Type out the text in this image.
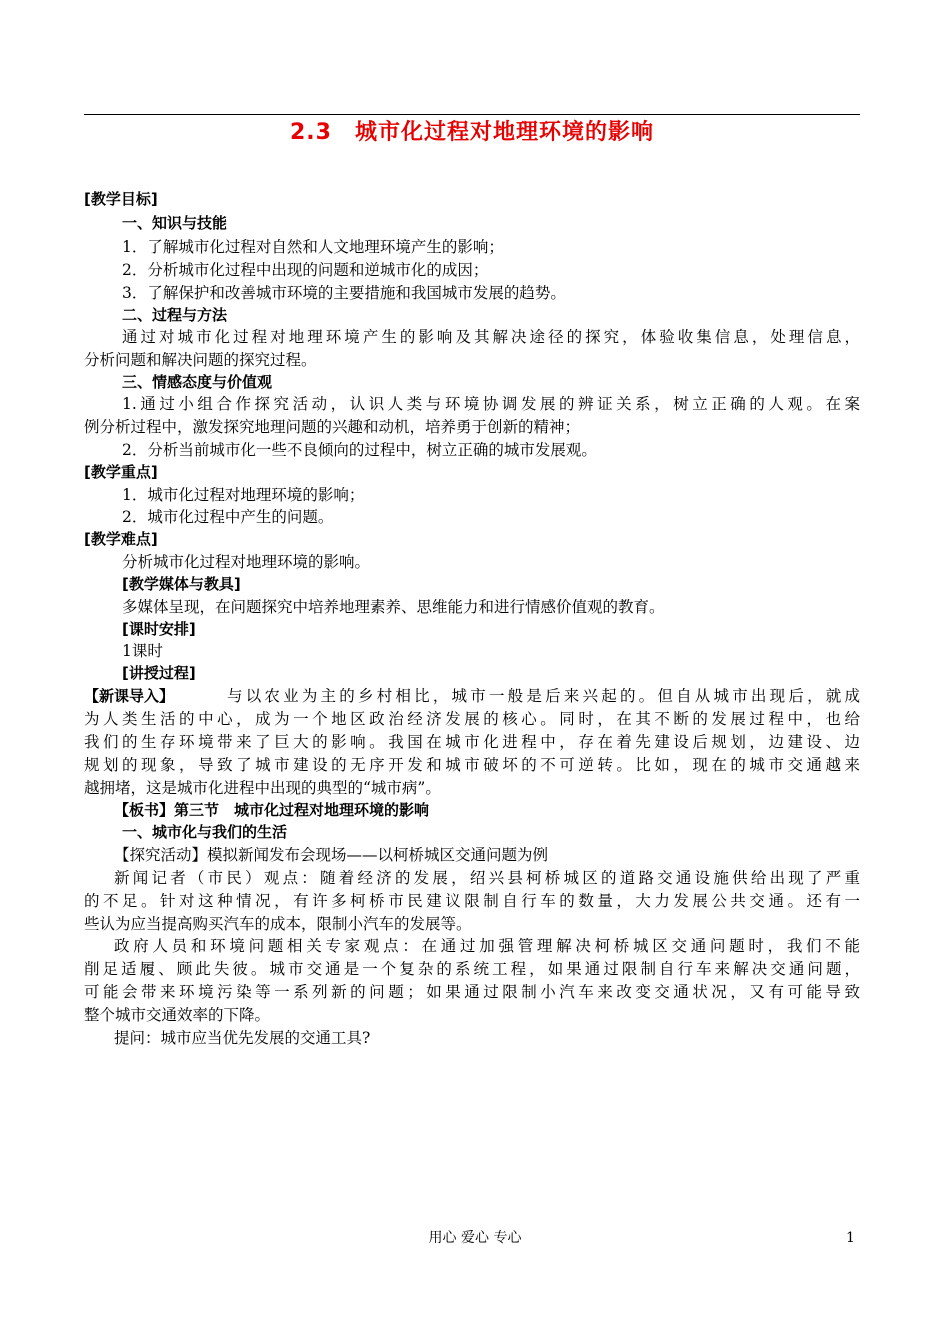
2.3　城市化过程对地理环境的影响
[教学目标]
一、知识与技能
1．了解城市化过程对自然和人文地理环境产生的影响；
2．分析城市化过程中出现的问题和逆城市化的成因；
3．了解保护和改善城市环境的主要措施和我国城市发展的趋势。
二、过程与方法
通过对城市化过程对地理环境产生的影响及其解决途径的探究，体验收集信息，处理信息，
分析问题和解决问题的探究过程。
三、情感态度与价值观
1.通过小组合作探究活动，认识人类与环境协调发展的辨证关系，树立正确的人观。在案
例分析过程中，激发探究地理问题的兴趣和动机，培养勇于创新的精神；
2．分析当前城市化一些不良倾向的过程中，树立正确的城市发展观。
[教学重点]
1．城市化过程对地理环境的影响；
2．城市化过程中产生的问题。
[教学难点]
分析城市化过程对地理环境的影响。
[教学媒体与教具]
多媒体呈现，在问题探究中培养地理素养、思维能力和进行情感价值观的教育。
[课时安排]
1课时
[讲授过程]
【新课导入】	与以农业为主的乡村相比，城市一般是后来兴起的。但自从城市出现后，就成
为人类生活的中心，成为一个地区政治经济发展的核心。同时，在其不断的发展过程中，也给
我们的生存环境带来了巨大的影响。我国在城市化进程中，存在着先建设后规划，边建设、边
规划的现象，导致了城市建设的无序开发和城市破坏的不可逆转。比如，现在的城市交通越来
越拥堵，这是城市化进程中出现的典型的“城市病”。
【板书】第三节　城市化过程对地理环境的影响
一、城市化与我们的生活
【探究活动】模拟新闻发布会现场——以柯桥城区交通问题为例
新闻记者（市民）观点：随着经济的发展，绍兴县柯桥城区的道路交通设施供给出现了严重
的不足。针对这种情况，有许多柯桥市民建议限制自行车的数量，大力发展公共交通。还有一
些认为应当提高购买汽车的成本，限制小汽车的发展等。
政府人员和环境问题相关专家观点：在通过加强管理解决柯桥城区交通问题时，我们不能
削足适履、顾此失彼。城市交通是一个复杂的系统工程，如果通过限制自行车来解决交通问题，
可能会带来环境污染等一系列新的问题；如果通过限制小汽车来改变交通状况，又有可能导致
整个城市交通效率的下降。
提问：城市应当优先发展的交通工具?
用心 爱心 专心	1
